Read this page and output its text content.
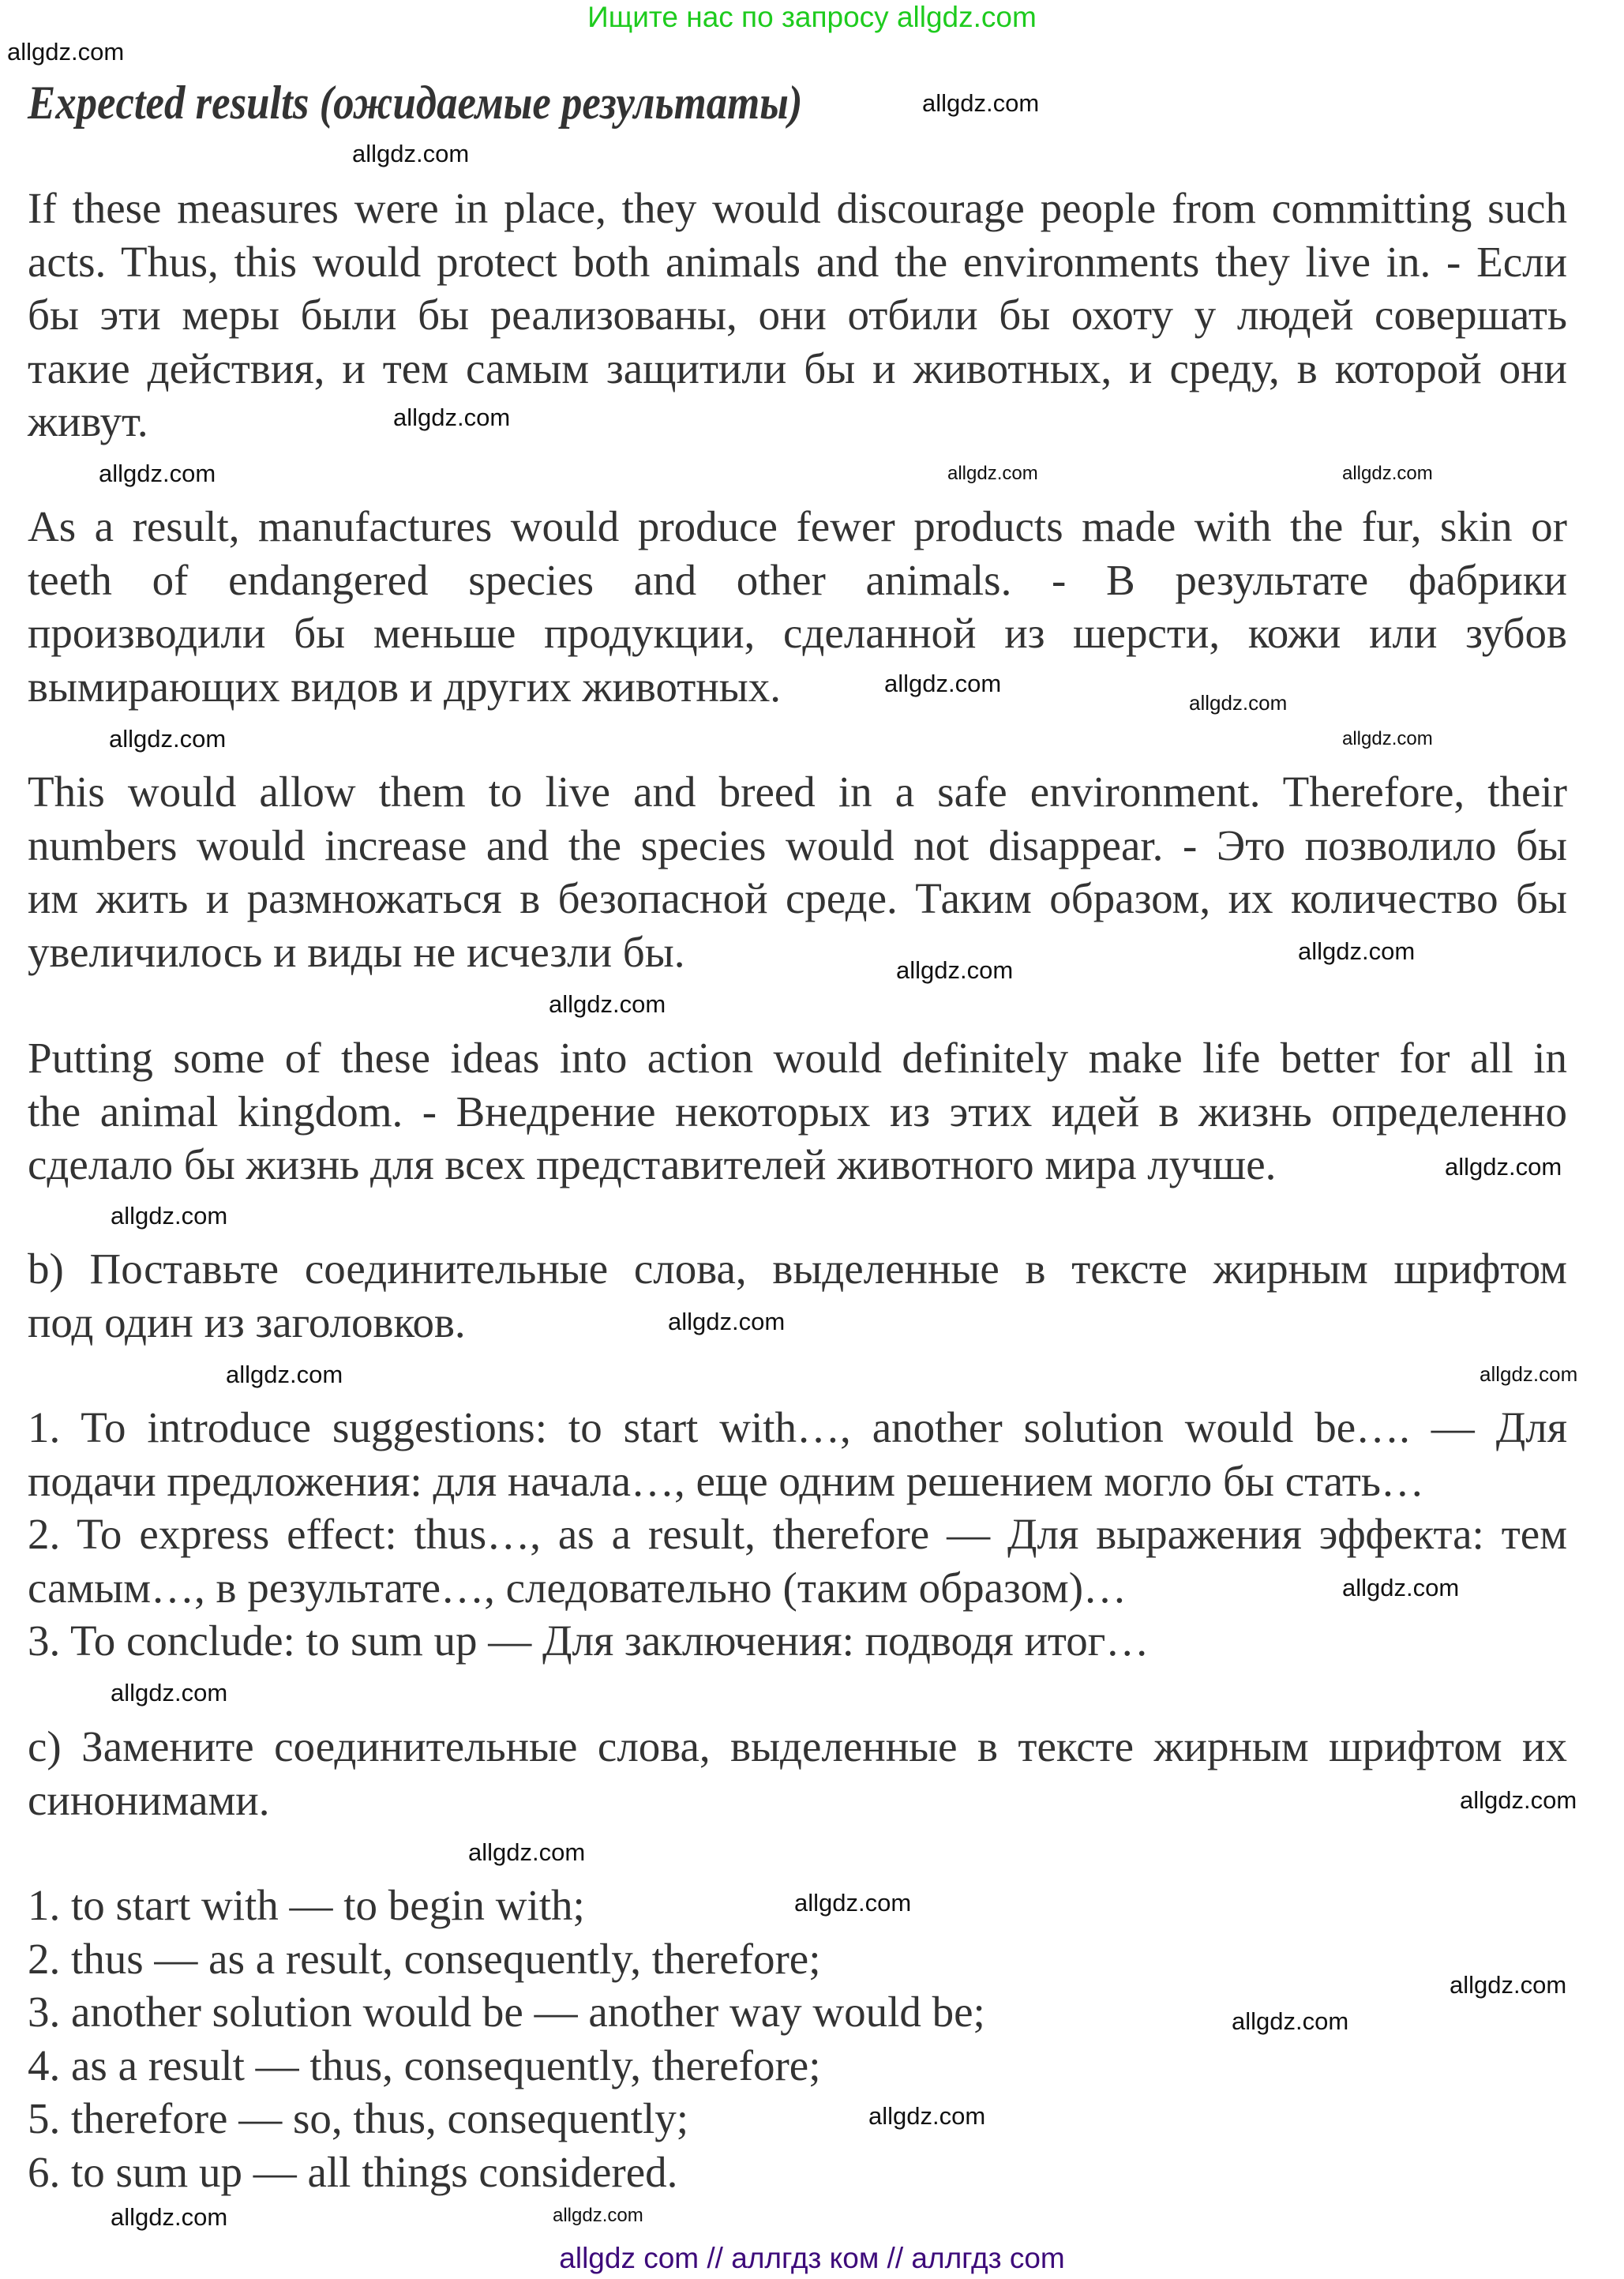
Ищите нас по запросу allgdz.com
Expected results (ожидаемые результаты)
If these measures were in place, they would discourage people from committing such
acts. Thus, this would protect both animals and the environments they live in. - Если
бы эти меры были бы реализованы, они отбили бы охоту у людей совершать
такие действия, и тем самым защитили бы и животных, и среду, в которой они
живут.
As a result, manufactures would produce fewer products made with the fur, skin or
teeth of endangered species and other animals. - В результате фабрики
производили бы меньше продукции, сделанной из шерсти, кожи или зубов
вымирающих видов и других животных.
This would allow them to live and breed in a safe environment. Therefore, their
numbers would increase and the species would not disappear. - Это позволило бы
им жить и размножаться в безопасной среде. Таким образом, их количество бы
увеличилось и виды не исчезли бы.
Putting some of these ideas into action would definitely make life better for all in
the animal kingdom. - Внедрение некоторых из этих идей в жизнь определенно
сделало бы жизнь для всех представителей животного мира лучше.
b) Поставьте соединительные слова, выделенные в тексте жирным шрифтом
под один из заголовков.
1. To introduce suggestions: to start with…, another solution would be…. — Для
подачи предложения: для начала…, еще одним решением могло бы стать…
2. To express effect: thus…, as a result, therefore — Для выражения эффекта: тем
самым…, в результате…, следовательно (таким образом)…
3. To conclude: to sum up — Для заключения: подводя итог…
c) Замените соединительные слова, выделенные в тексте жирным шрифтом их
синонимами.
1. to start with — to begin with;
2. thus — as a result, consequently, therefore;
3. another solution would be — another way would be;
4. as a result — thus, consequently, therefore;
5. therefore — so, thus, consequently;
6. to sum up — all things considered.
allgdz.com
allgdz.com
allgdz.com
allgdz.com
allgdz.com
allgdz.com
allgdz.com
allgdz.com
allgdz.com
allgdz.com
allgdz.com
allgdz.com
allgdz.com
allgdz.com
allgdz.com
allgdz.com
allgdz.com
allgdz.com
allgdz.com
allgdz.com
allgdz.com
allgdz.com
allgdz.com
allgdz.com
allgdz.com
allgdz.com
allgdz.com
allgdz.com
allgdz.com
allgdz com // аллгдз ком // аллгдз com
